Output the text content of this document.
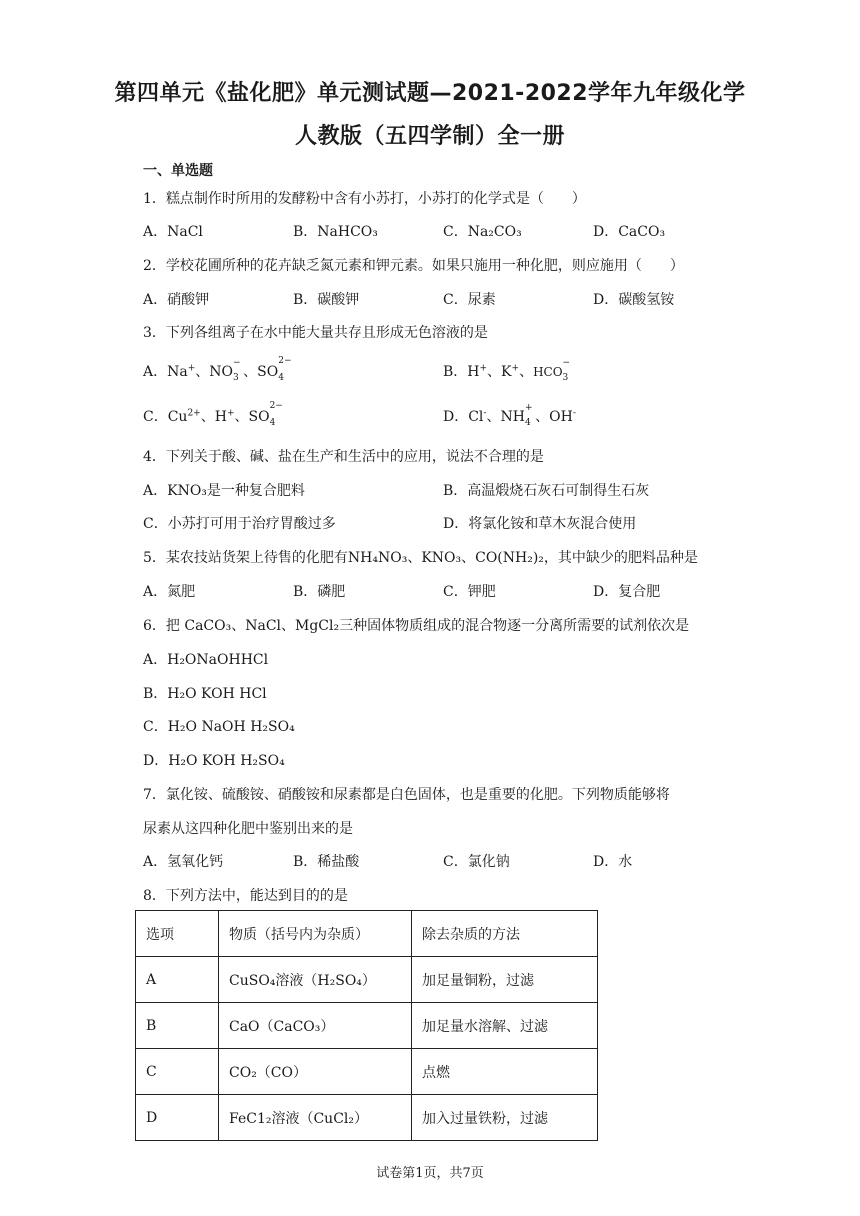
第四单元《盐化肥》单元测试题—2021-2022学年九年级化学
人教版（五四学制）全一册
一、单选题
1．糕点制作时所用的发酵粉中含有小苏打，小苏打的化学式是（　　）
A．NaCl	B．NaHCO₃	C．Na₂CO₃	D．CaCO₃
2．学校花圃所种的花卉缺乏氮元素和钾元素。如果只施用一种化肥，则应施用（　　）
A．硝酸钾	B．碳酸钾	C．尿素	D．碳酸氢铵
3．下列各组离子在水中能大量共存且形成无色溶液的是
A．Na+、$NO_3$
−
、$SO_4$
2−
B．H+、K+、$HCO_3$
−
C．$Cu^{2+}$、H+、$SO_4$
2−
D．Cl-、$NH_4$
+
、OH-
4．下列关于酸、碱、盐在生产和生活中的应用，说法不合理的是
A．KNO₃是一种复合肥料	B．高温煅烧石灰石可制得生石灰
C．小苏打可用于治疗胃酸过多	D．将氯化铵和草木灰混合使用
5．某农技站货架上待售的化肥有NH₄NO₃、KNO₃、CO(NH₂)₂，其中缺少的肥料品种是
A．氮肥	B．磷肥	C．钾肥	D．复合肥
6．把 CaCO₃、NaCl、MgCl₂三种固体物质组成的混合物逐一分离所需要的试剂依次是
A．H₂ONaOHHCl
B．H₂O KOH HCl
C．H₂O NaOH H₂SO₄
D．H₂O KOH H₂SO₄
7．氯化铵、硫酸铵、硝酸铵和尿素都是白色固体，也是重要的化肥。下列物质能够将
尿素从这四种化肥中鉴别出来的是
A．氢氧化钙	B．稀盐酸	C．氯化钠	D．水
8．下列方法中，能达到目的的是
选项	物质（括号内为杂质）	除去杂质的方法
A	CuSO₄溶液（H₂SO₄）	加足量铜粉，过滤
B	CaO（CaCO₃）	加足量水溶解、过滤
C	CO₂（CO）	点燃
D	FeC1₂溶液（CuCl₂）	加入过量铁粉，过滤
试卷第1页，共7页
